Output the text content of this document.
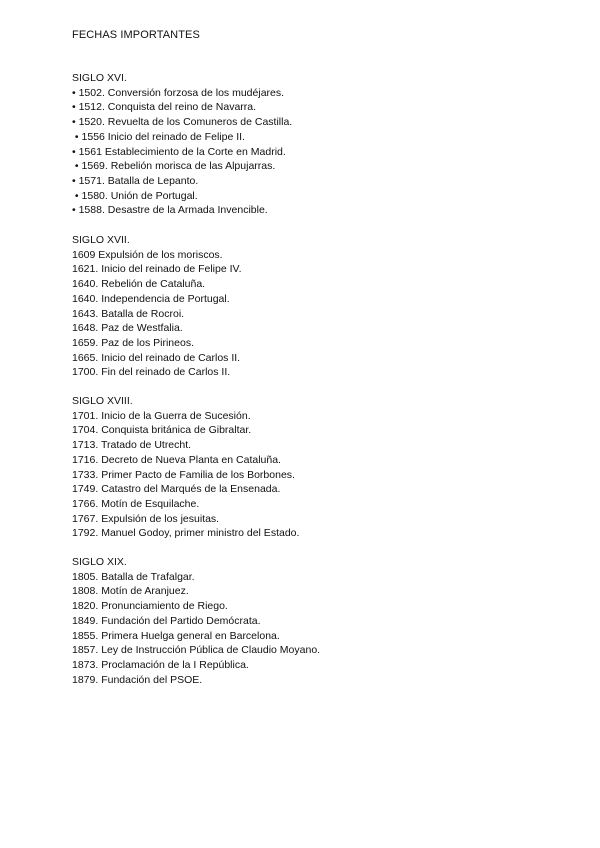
FECHAS IMPORTANTES
SIGLO XVI.
• 1502. Conversión forzosa de los mudéjares.
• 1512. Conquista del reino de Navarra.
• 1520. Revuelta de los Comuneros de Castilla.
• 1556 Inicio del reinado de Felipe II.
• 1561 Establecimiento de la Corte en Madrid.
• 1569. Rebelión morisca de las Alpujarras.
• 1571. Batalla de Lepanto.
• 1580. Unión de Portugal.
• 1588. Desastre de la Armada Invencible.
SIGLO XVII.
1609 Expulsión de los moriscos.
1621. Inicio del reinado de Felipe IV.
1640. Rebelión de Cataluña.
1640. Independencia de Portugal.
1643. Batalla de Rocroi.
1648. Paz de Westfalia.
1659. Paz de los Pirineos.
1665. Inicio del reinado de Carlos II.
1700. Fin del reinado de Carlos II.
SIGLO XVIII.
1701. Inicio de la Guerra de Sucesión.
1704. Conquista británica de Gibraltar.
1713. Tratado de Utrecht.
1716. Decreto de Nueva Planta en Cataluña.
1733. Primer Pacto de Familia de los Borbones.
1749. Catastro del Marqués de la Ensenada.
1766. Motín de Esquilache.
1767. Expulsión de los jesuitas.
1792. Manuel Godoy, primer ministro del Estado.
SIGLO XIX.
1805. Batalla de Trafalgar.
1808. Motín de Aranjuez.
1820. Pronunciamiento de Riego.
1849. Fundación del Partido Demócrata.
1855. Primera Huelga general en Barcelona.
1857. Ley de Instrucción Pública de Claudio Moyano.
1873. Proclamación de la I República.
1879. Fundación del PSOE.
